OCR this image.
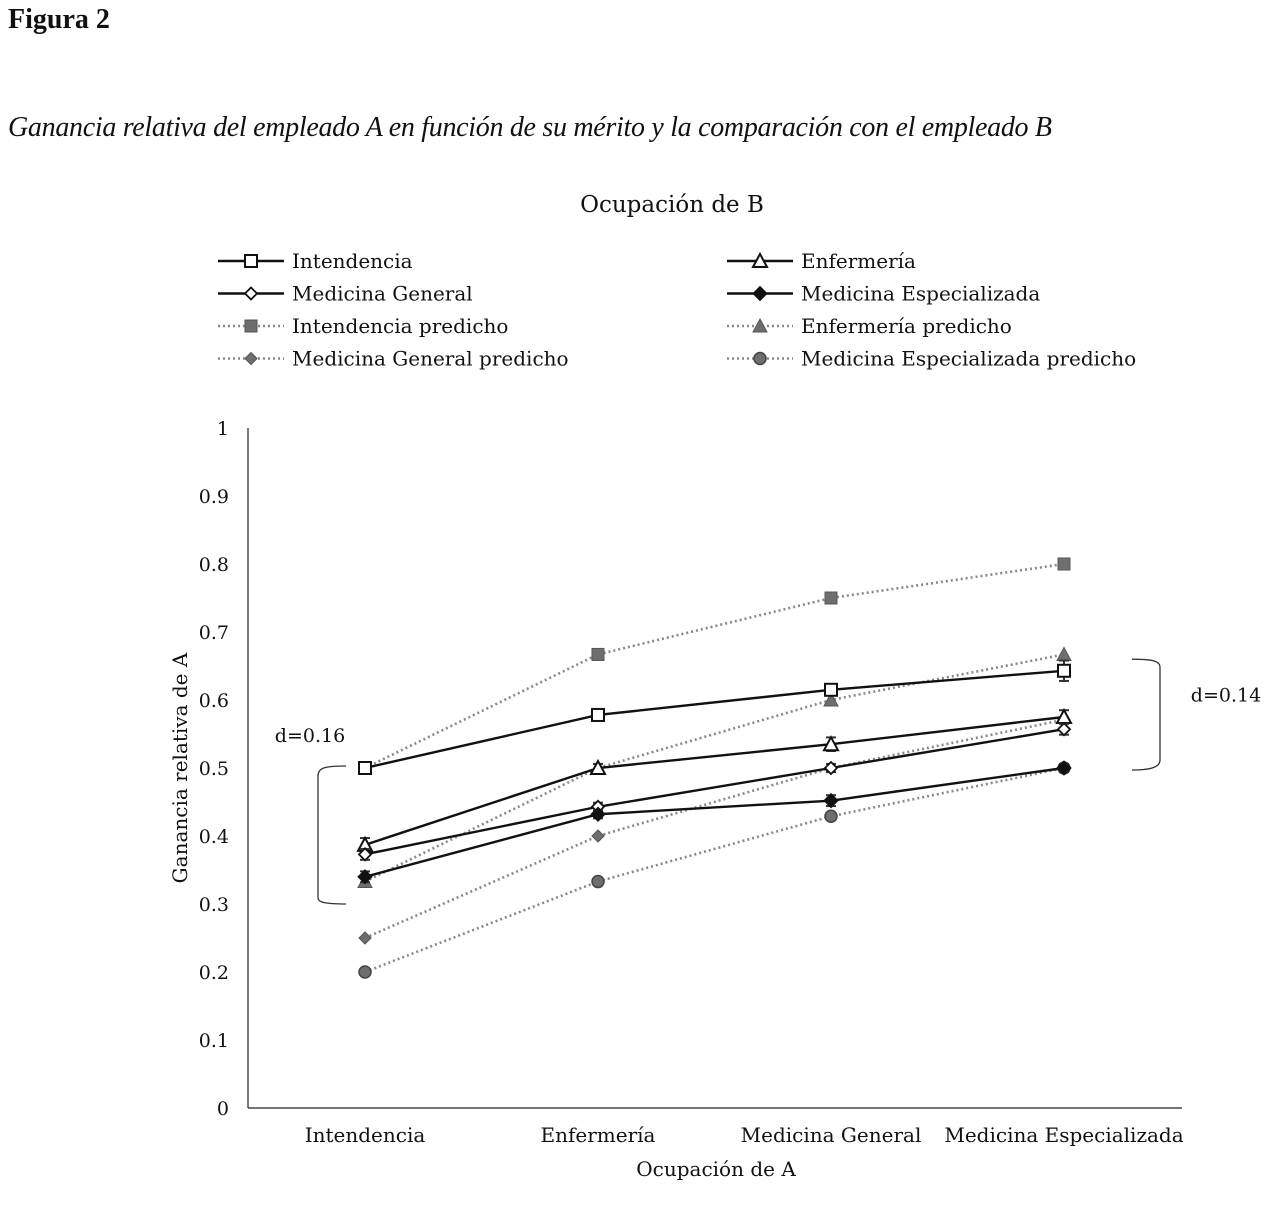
Figura 2
Ganancia relativa del empleado A en función de su mérito y la comparación con el empleado B
Ocupación de B
Intendencia	Enfermería
Medicina General	Medicina Especializada
Intendencia predicho	Enfermería predicho
Medicina General predicho	Medicina Especializada predicho
0
0.1
0.2
0.3
0.4
0.5
0.6
0.7
0.8
0.9
1
Intendencia	Enfermería	Medicina General Medicina Especializada
d=0.16
d=0.14
Ocupación de A
Ganancia relativa de A
